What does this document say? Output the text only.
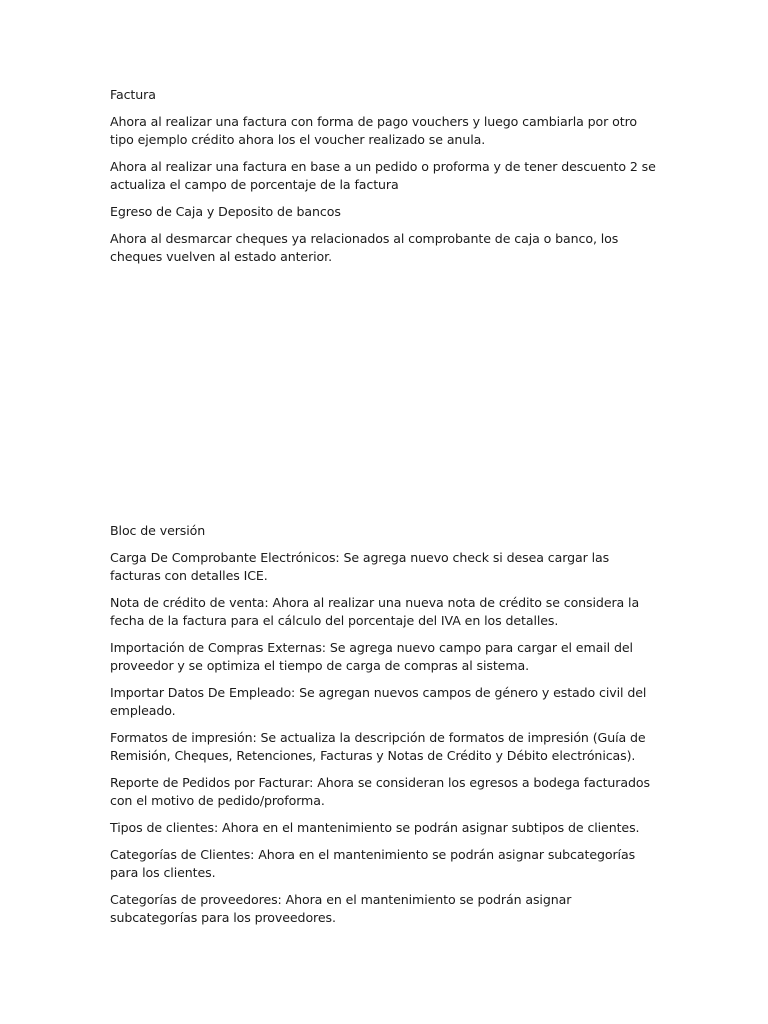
Factura

Ahora al realizar una factura con forma de pago vouchers y luego cambiarla por otro tipo ejemplo crédito ahora los el voucher realizado se anula.

Ahora al realizar una factura en base a un pedido o proforma y de tener descuento 2 se actualiza el campo de porcentaje de la factura

Egreso de Caja y Deposito de bancos

Ahora al desmarcar cheques ya relacionados al comprobante de caja o banco, los cheques vuelven al estado anterior.

Bloc de versión

Carga De Comprobante Electrónicos: Se agrega nuevo check si desea cargar las facturas con detalles ICE.

Nota de crédito de venta: Ahora al realizar una nueva nota de crédito se considera la fecha de la factura para el cálculo del porcentaje del IVA en los detalles.

Importación de Compras Externas: Se agrega nuevo campo para cargar el email del proveedor y se optimiza el tiempo de carga de compras al sistema.

Importar Datos De Empleado: Se agregan nuevos campos de género y estado civil del empleado.

Formatos de impresión: Se actualiza la descripción de formatos de impresión (Guía de Remisión, Cheques, Retenciones, Facturas y Notas de Crédito y Débito electrónicas).

Reporte de Pedidos por Facturar: Ahora se consideran los egresos a bodega facturados con el motivo de pedido/proforma.

Tipos de clientes: Ahora en el mantenimiento se podrán asignar subtipos de clientes.

Categorías de Clientes: Ahora en el mantenimiento se podrán asignar subcategorías para los clientes.

Categorías de proveedores: Ahora en el mantenimiento se podrán asignar subcategorías para los proveedores.
